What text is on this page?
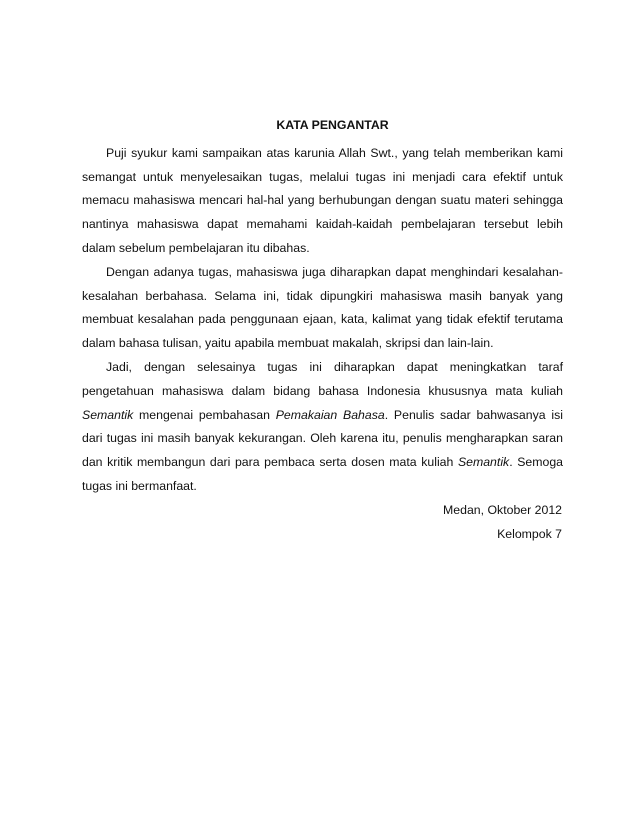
KATA PENGANTAR

Puji syukur kami sampaikan atas karunia Allah Swt., yang telah memberikan kami semangat untuk menyelesaikan tugas, melalui tugas ini menjadi cara efektif untuk memacu mahasiswa mencari hal-hal yang berhubungan dengan suatu materi sehingga nantinya mahasiswa dapat memahami kaidah-kaidah pembelajaran tersebut lebih dalam sebelum pembelajaran itu dibahas.

Dengan adanya tugas, mahasiswa juga diharapkan dapat menghindari kesalahan-kesalahan berbahasa. Selama ini, tidak dipungkiri mahasiswa masih banyak yang membuat kesalahan pada penggunaan ejaan, kata, kalimat yang tidak efektif terutama dalam bahasa tulisan, yaitu apabila membuat makalah, skripsi dan lain-lain.

Jadi, dengan selesainya tugas ini diharapkan dapat meningkatkan taraf pengetahuan mahasiswa dalam bidang bahasa Indonesia khususnya mata kuliah Semantik mengenai pembahasan Pemakaian Bahasa. Penulis sadar bahwasanya isi dari tugas ini masih banyak kekurangan. Oleh karena itu, penulis mengharapkan saran dan kritik membangun dari para pembaca serta dosen mata kuliah Semantik. Semoga tugas ini bermanfaat.

Medan, Oktober 2012
Kelompok 7
